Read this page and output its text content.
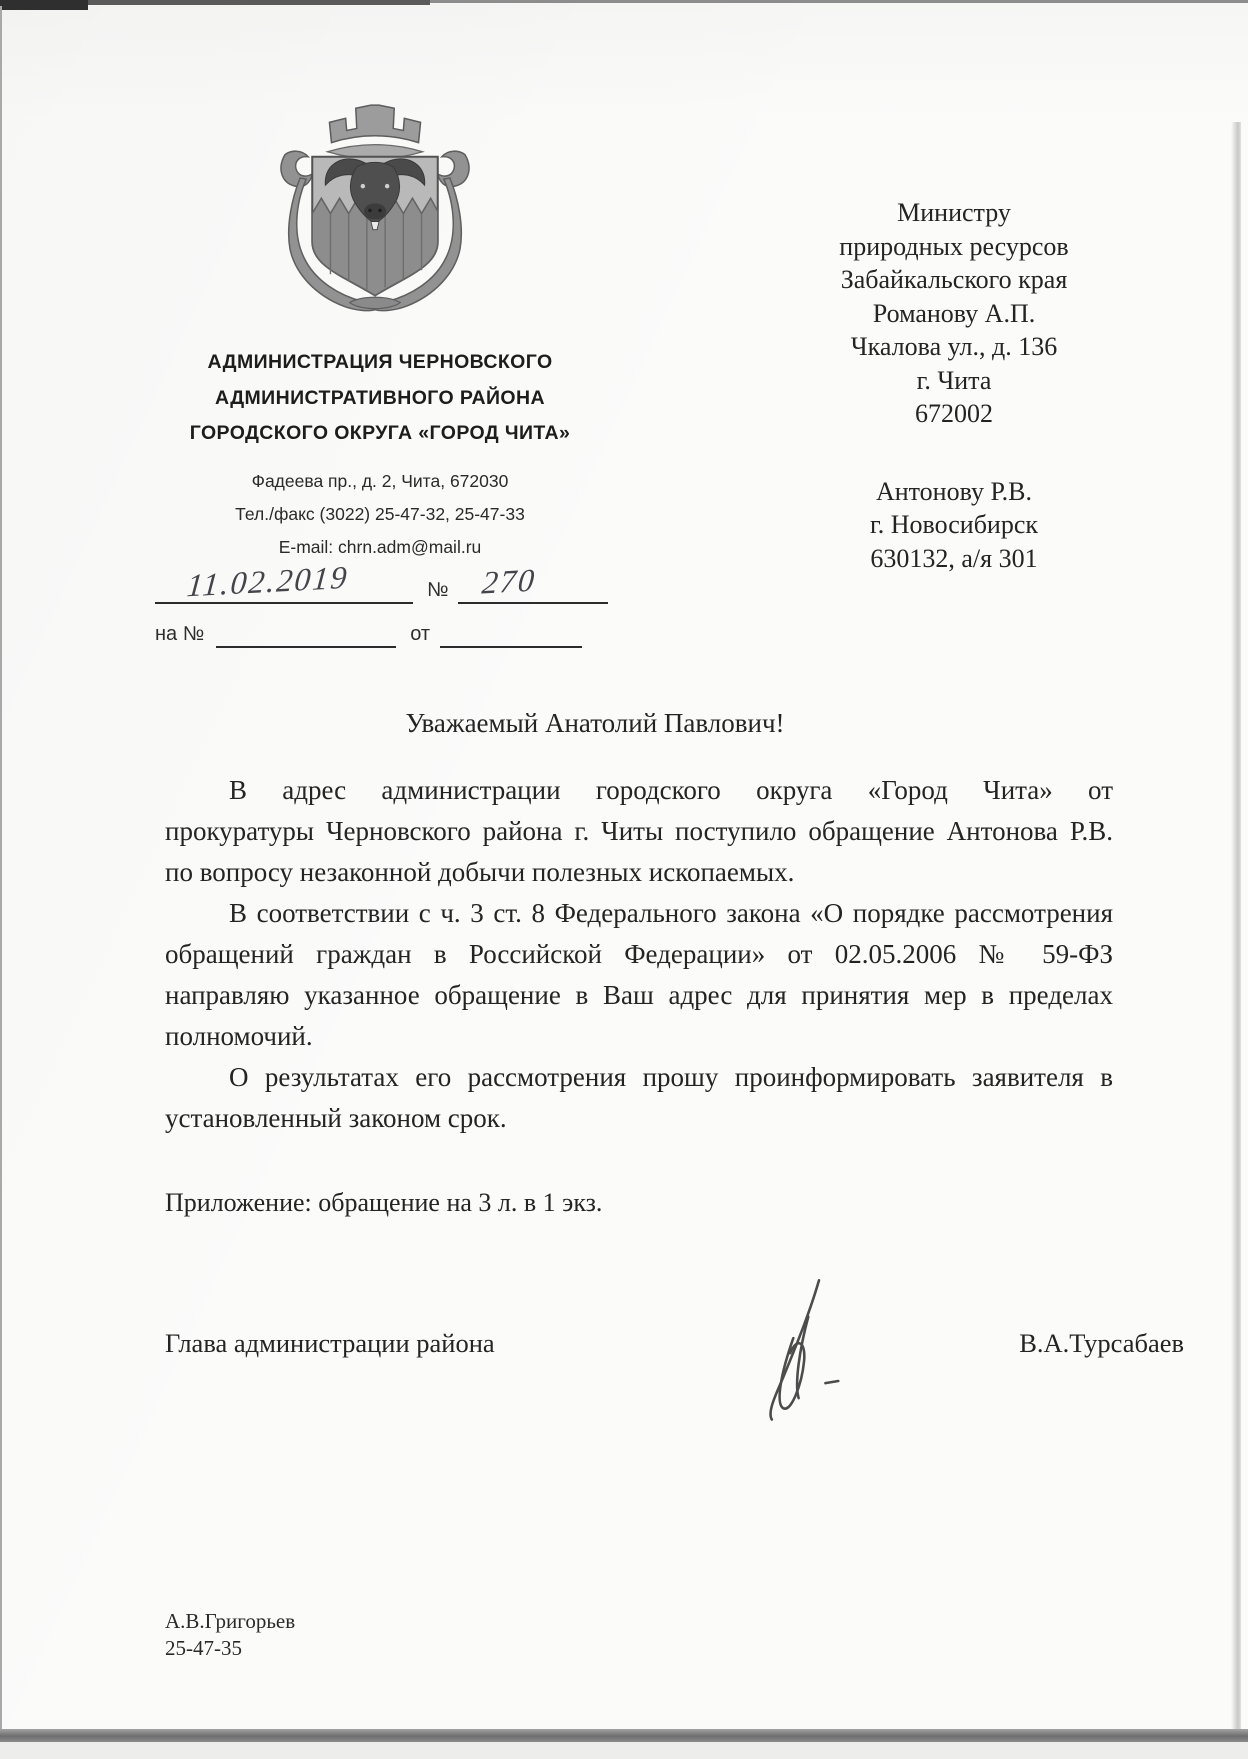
АДМИНИСТРАЦИЯ ЧЕРНОВСКОГО

АДМИНИСТРАТИВНОГО РАЙОНА

ГОРОДСКОГО ОКРУГА «ГОРОД ЧИТА»

Фадеева пр., д. 2, Чита, 672030

Тел./факс (3022) 25-47-32, 25-47-33

E-mail: chrn.adm@mail.ru

11.02.2019	№ 270
на №	от
Министру
природных ресурсов
Забайкальского края
Романову А.П.
Чкалова ул., д. 136
г. Чита
672002
Антонову Р.В.
г. Новосибирск
630132, а/я 301
Уважаемый Анатолий Павлович!
В адрес администрации городского округа «Город Чита» от
прокуратуры Черновского района г. Читы поступило обращение Антонова Р.В.
по вопросу незаконной добычи полезных ископаемых.
В соответствии с ч. 3 ст. 8 Федерального закона «О порядке рассмотрения
обращений граждан в Российской Федерации» от 02.05.2006 № 59-ФЗ
направляю указанное обращение в Ваш адрес для принятия мер в пределах
полномочий.
О результатах его рассмотрения прошу проинформировать заявителя в
установленный законом срок.
Приложение: обращение на 3 л. в 1 экз.
Глава администрации района	В.А.Турсабаев
А.В.Григорьев
25-47-35
